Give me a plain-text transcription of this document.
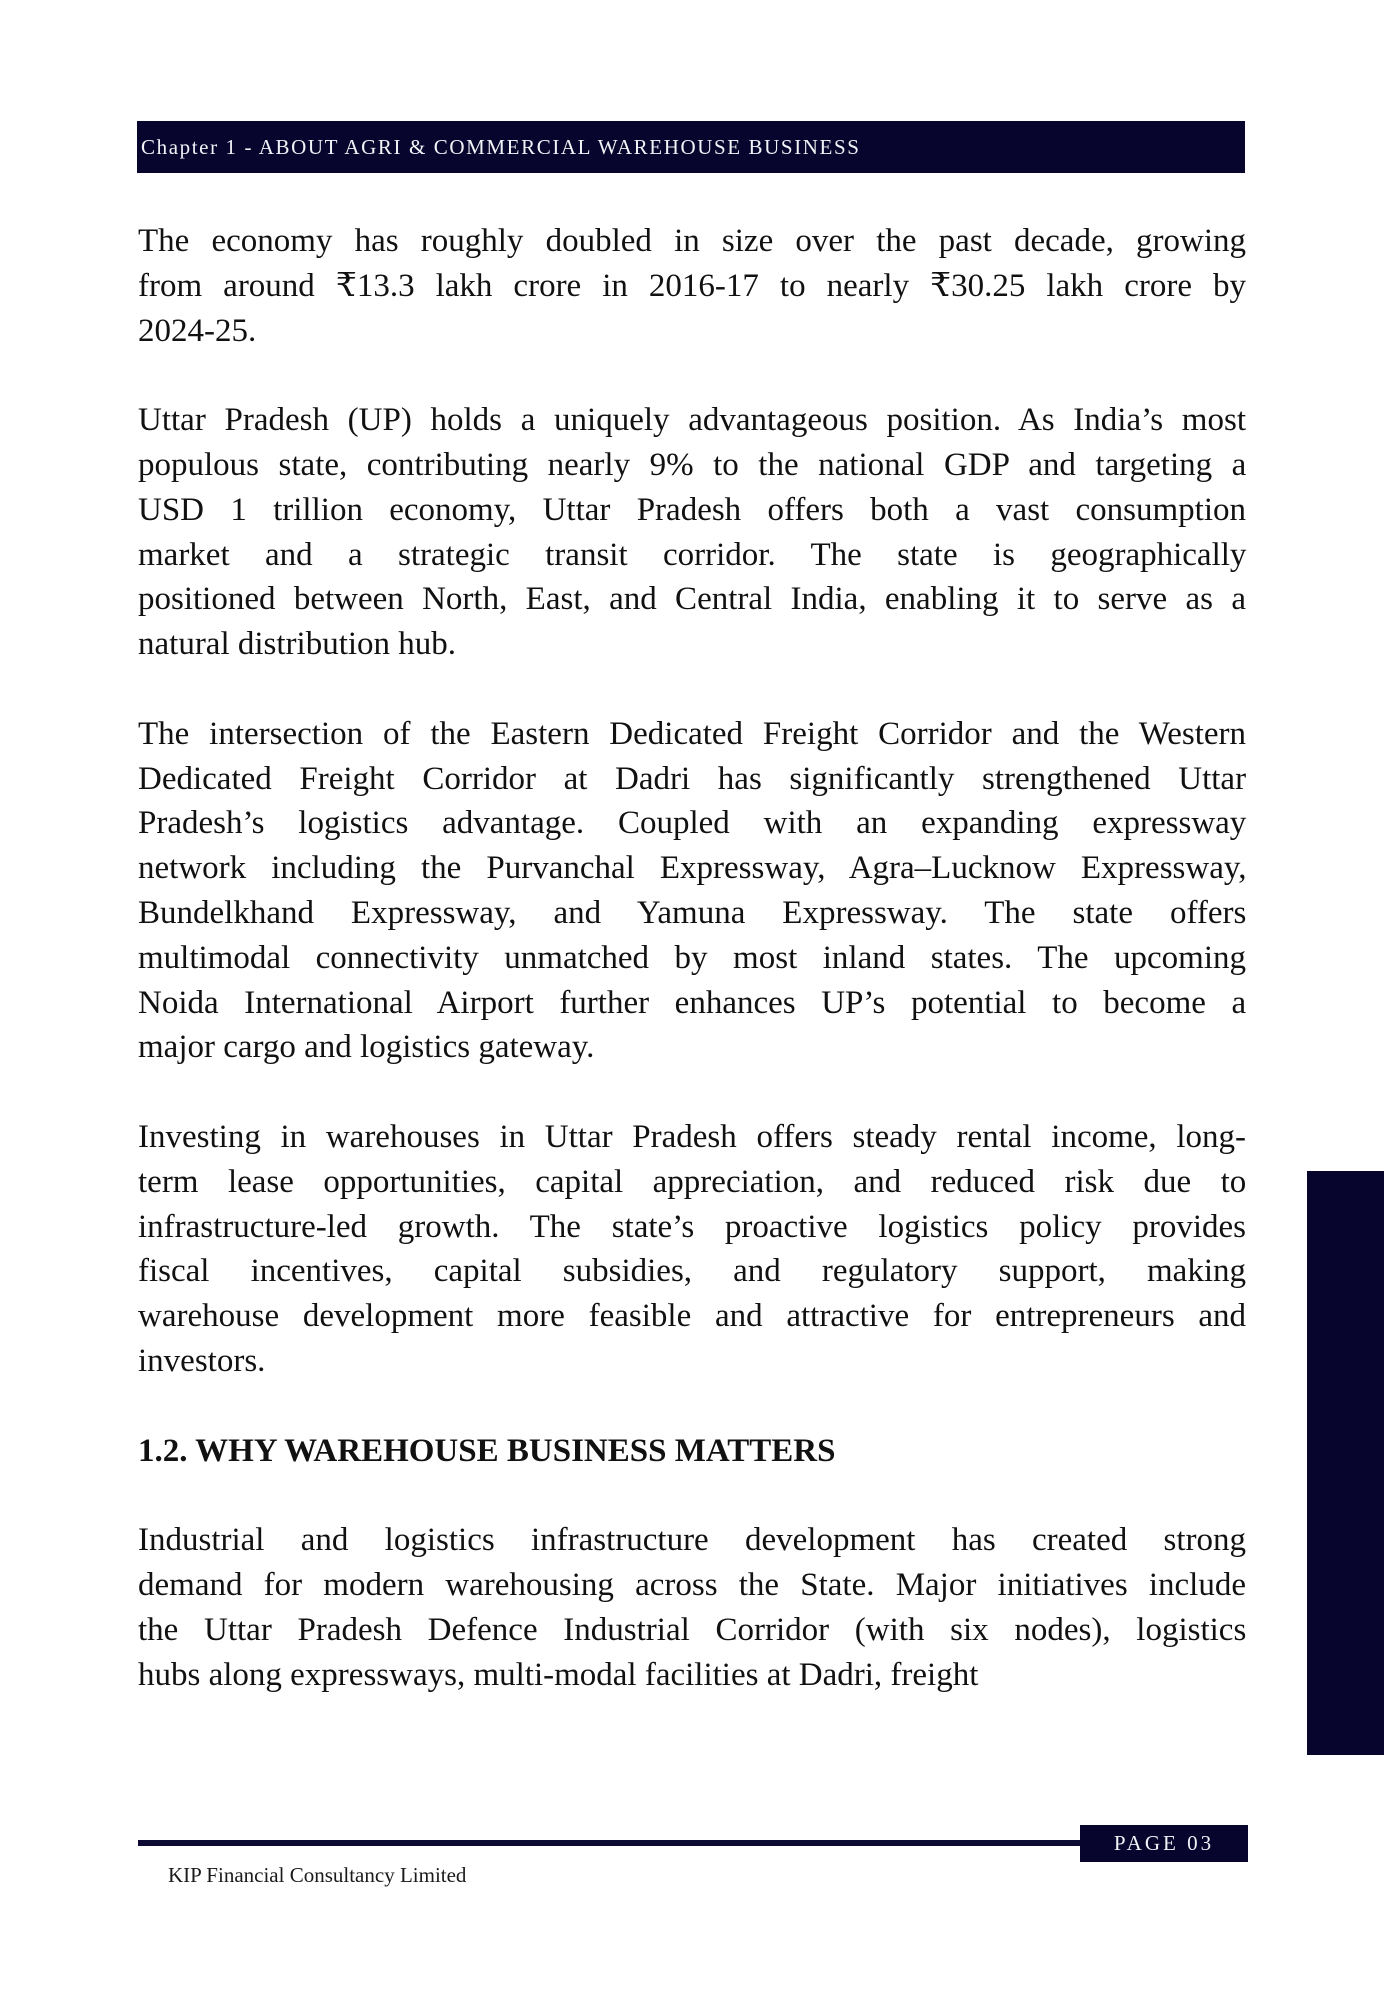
Chapter 1 - ABOUT AGRI & COMMERCIAL WAREHOUSE BUSINESS

The economy has roughly doubled in size over the past decade, growing
from around ₹13.3 lakh crore in 2016-17 to nearly ₹30.25 lakh crore by
2024-25.

Uttar Pradesh (UP) holds a uniquely advantageous position. As India’s most
populous state, contributing nearly 9% to the national GDP and targeting a
USD 1 trillion economy, Uttar Pradesh offers both a vast consumption
market and a strategic transit corridor. The state is geographically
positioned between North, East, and Central India, enabling it to serve as a
natural distribution hub.

The intersection of the Eastern Dedicated Freight Corridor and the Western
Dedicated Freight Corridor at Dadri has significantly strengthened Uttar
Pradesh’s logistics advantage. Coupled with an expanding expressway
network including the Purvanchal Expressway, Agra–Lucknow Expressway,
Bundelkhand Expressway, and Yamuna Expressway. The state offers
multimodal connectivity unmatched by most inland states. The upcoming
Noida International Airport further enhances UP’s potential to become a
major cargo and logistics gateway.

Investing in warehouses in Uttar Pradesh offers steady rental income, long-
term lease opportunities, capital appreciation, and reduced risk due to
infrastructure-led growth. The state’s proactive logistics policy provides
fiscal incentives, capital subsidies, and regulatory support, making
warehouse development more feasible and attractive for entrepreneurs and
investors.

1.2. WHY WAREHOUSE BUSINESS MATTERS

Industrial and logistics infrastructure development has created strong
demand for modern warehousing across the State. Major initiatives include
the Uttar Pradesh Defence Industrial Corridor (with six nodes), logistics
hubs along expressways, multi-modal facilities at Dadri, freight

PAGE 03
KIP Financial Consultancy Limited
